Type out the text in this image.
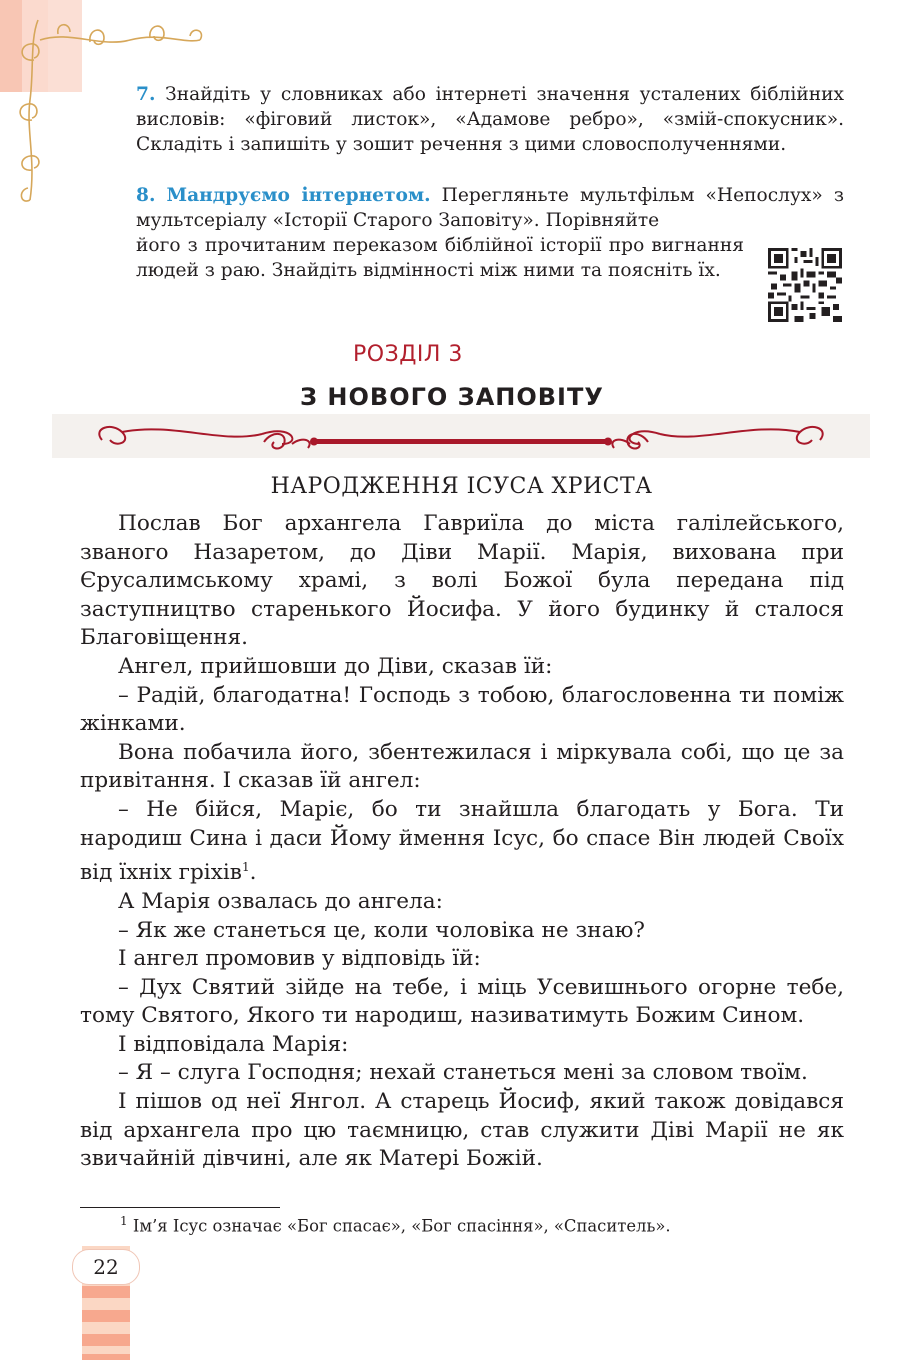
7. Знайдіть у словниках або інтернеті значення усталених біблійних висловів: «фіговий листок», «Адамове ребро», «змій-спокусник». Складіть і запишіть у зошит речення з цими словосполученнями.

8. Мандруємо інтернетом. Перегляньте мультфільм «Непослух» з мультсеріалу «Історії Старого Заповіту». Порівняйте

його з прочитаним переказом біблійної історії про вигнання людей з раю. Знайдіть відмінності між ними та поясніть їх.

РОЗДІЛ 3
З НОВОГО ЗАПОВІТУ
НАРОДЖЕННЯ ІСУСА ХРИСТА

Послав Бог архангела Гавриїла до міста галілейського, званого Назаретом, до Діви Марії. Марія, вихована при Єрусалимському храмі, з волі Божої була передана під заступництво старенького Йосифа. У його будинку й сталося Благовіщення.

Ангел, прийшовши до Діви, сказав їй:

– Радій, благодатна! Господь з тобою, благословенна ти поміж жінками.

Вона побачила його, збентежилася і міркувала собі, що це за привітання. І сказав їй ангел:

– Не бійся, Маріє, бо ти знайшла благодать у Бога. Ти народиш Сина і даси Йому ймення Ісус, бо спасе Він людей Своїх від їхніх гріхів$^1$.

А Марія озвалась до ангела:

– Як же станеться це, коли чоловіка не знаю?

І ангел промовив у відповідь їй:

– Дух Святий зійде на тебе, і міць Усевишнього огорне тебе, тому Святого, Якого ти народиш, називатимуть Божим Сином.

І відповідала Марія:

– Я – слуга Господня; нехай станеться мені за словом твоїм.

І пішов од неї Янгол. А старець Йосиф, який також довідався від архангела про цю таємницю, став служити Діві Марії не як звичайній дівчині, але як Матері Божій.

$^1$ Ім’я Ісус означає «Бог спасає», «Бог спасіння», «Спаситель».
22
